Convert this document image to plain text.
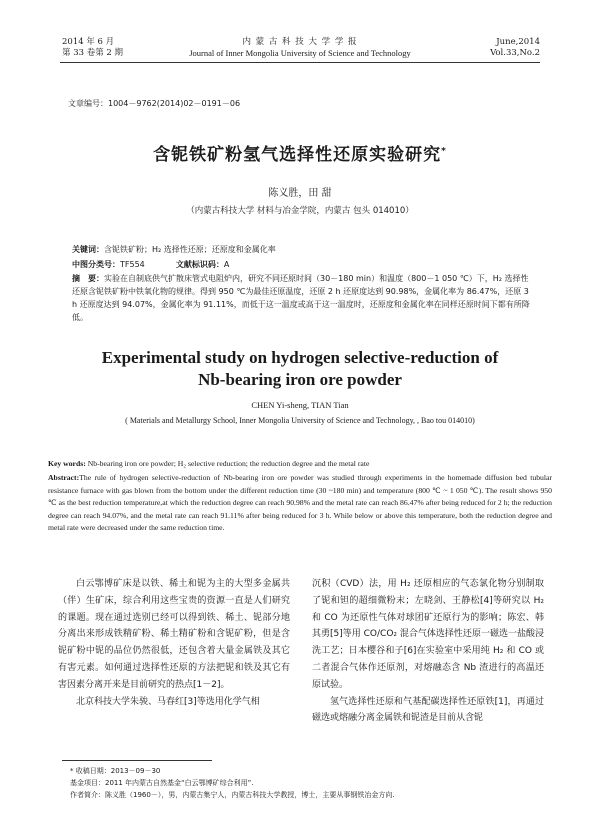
2014 年 6 月
第 33 卷第 2 期
内 蒙 古 科 技 大 学 学 报
Journal of Inner Mongolia University of Science and Technology
June,2014
Vol.33,No.2
文章编号：1004－9762(2014)02－0191－06
含铌铁矿粉氢气选择性还原实验研究*
陈义胜，田 甜
（内蒙古科技大学 材料与冶金学院，内蒙古 包头 014010）
关键词：含铌铁矿粉；H₂ 选择性还原；还原度和金属化率
中图分类号：TF554	文献标识码：A
摘　要：实验在自制底供气扩散床管式电阻炉内，研究不同还原时间（30－180 min）和温度（800－1 050 ℃）下，H₂ 选择性还原含铌铁矿粉中铁氧化物的规律。得到 950 ℃为最佳还原温度，还原 2 h 还原度达到 90.98%，金属化率为 86.47%，还原 3 h 还原度达到 94.07%，金属化率为 91.11%，而低于这一温度或高于这一温度时，还原度和金属化率在同样还原时间下都有所降低。
Experimental study on hydrogen selective-reduction of
Nb-bearing iron ore powder
CHEN Yi-sheng, TIAN Tian
( Materials and Metallurgy School, Inner Mongolia University of Science and Technology, , Bao tou 014010)
Key words: Nb-bearing iron ore powder; H₂ selective reduction; the reduction degree and the metal rate
Abstract:The rule of hydrogen selective-reduction of Nb-bearing iron ore powder was studied through experiments in the homemade diffusion bed tubular resistance furnace with gas blown from the bottom under the different reduction time (30 ~180 min) and temperature (800 ℃ ~ 1 050 ℃). The result shows 950 ℃ as the best reduction temperature,at which the reduction degree can reach 90.98% and the metal rate can reach 86.47% after being reduced for 2 h; the reduction degree can reach 94.07%, and the metal rate can reach 91.11% after being reduced for 3 h. While below or above this temperature, both the reduction degree and metal rate were decreased under the same reduction time.

白云鄂博矿床是以铁、稀土和铌为主的大型多金属共（伴）生矿床，综合利用这些宝贵的资源一直是人们研究的课题。现在通过选别已经可以得到铁、稀土、铌部分地分离出来形成铁精矿粉、稀土精矿粉和含铌矿粉，但是含铌矿粉中铌的品位仍然很低，还包含着大量金属铁及其它有害元素。如何通过选择性还原的方法把铌和铁及其它有害因素分离开来是目前研究的热点[1－2]。

北京科技大学朱骏、马春红[3]等选用化学气相

沉积（CVD）法，用 H₂ 还原相应的气态氯化物分别制取了铌和钽的超细微粉末；左晓剑、王静松[4]等研究以 H₂ 和 CO 为还原性气体对球团矿还原行为的影响；陈宏、韩其勇[5]等用 CO/CO₂ 混合气体选择性还原一磁选一盐酸浸洗工艺；日本樱谷和子[6]在实验室中采用纯 H₂ 和 CO 或二者混合气体作还原剂，对熔融态含 Nb 渣进行的高温还原试验。

氢气选择性还原和气基配碳选择性还原铁[1]，再通过磁选或熔融分离金属铁和铌渣是目前从含铌

* 收稿日期：2013－09－30
基金项目：2011 年内蒙古自然基金“白云鄂博矿综合利用”.
作者简介：陈义胜（1960－），男，内蒙古集宁人，内蒙古科技大学教授，博士，主要从事钢铁冶金方向.
